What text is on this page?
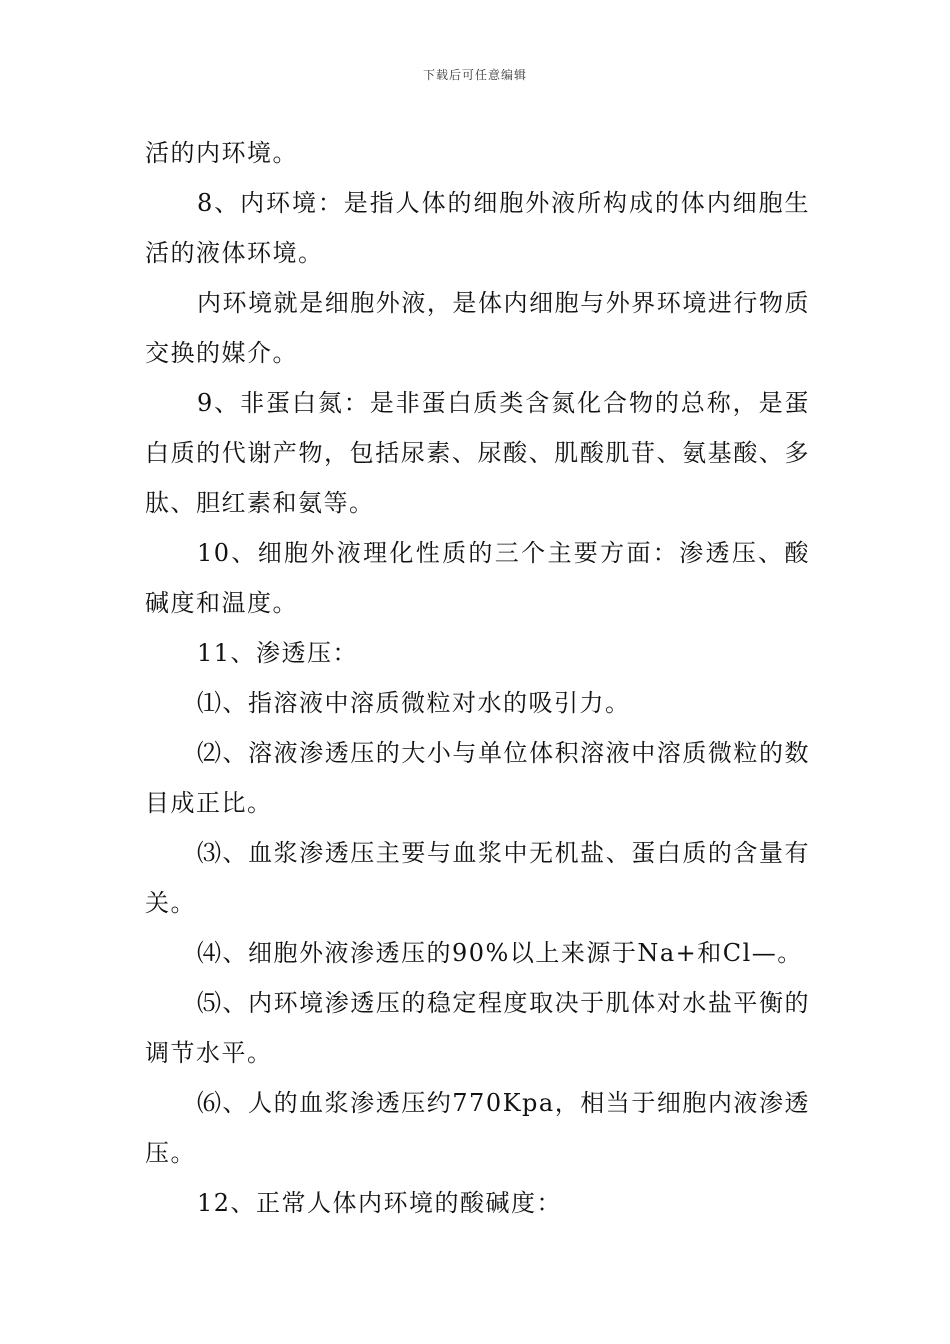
下载后可任意编辑

活的内环境。

8、内环境：是指人体的细胞外液所构成的体内细胞生活的液体环境。

内环境就是细胞外液，是体内细胞与外界环境进行物质交换的媒介。

9、非蛋白氮：是非蛋白质类含氮化合物的总称，是蛋白质的代谢产物，包括尿素、尿酸、肌酸肌苷、氨基酸、多肽、胆红素和氨等。

10、细胞外液理化性质的三个主要方面：渗透压、酸碱度和温度。

11、渗透压：

⑴、指溶液中溶质微粒对水的吸引力。

⑵、溶液渗透压的大小与单位体积溶液中溶质微粒的数目成正比。

⑶、血浆渗透压主要与血浆中无机盐、蛋白质的含量有关。

⑷、细胞外液渗透压的90%以上来源于Na+和Cl—。

⑸、内环境渗透压的稳定程度取决于肌体对水盐平衡的调节水平。

⑹、人的血浆渗透压约770Kpa，相当于细胞内液渗透压。

12、正常人体内环境的酸碱度：
